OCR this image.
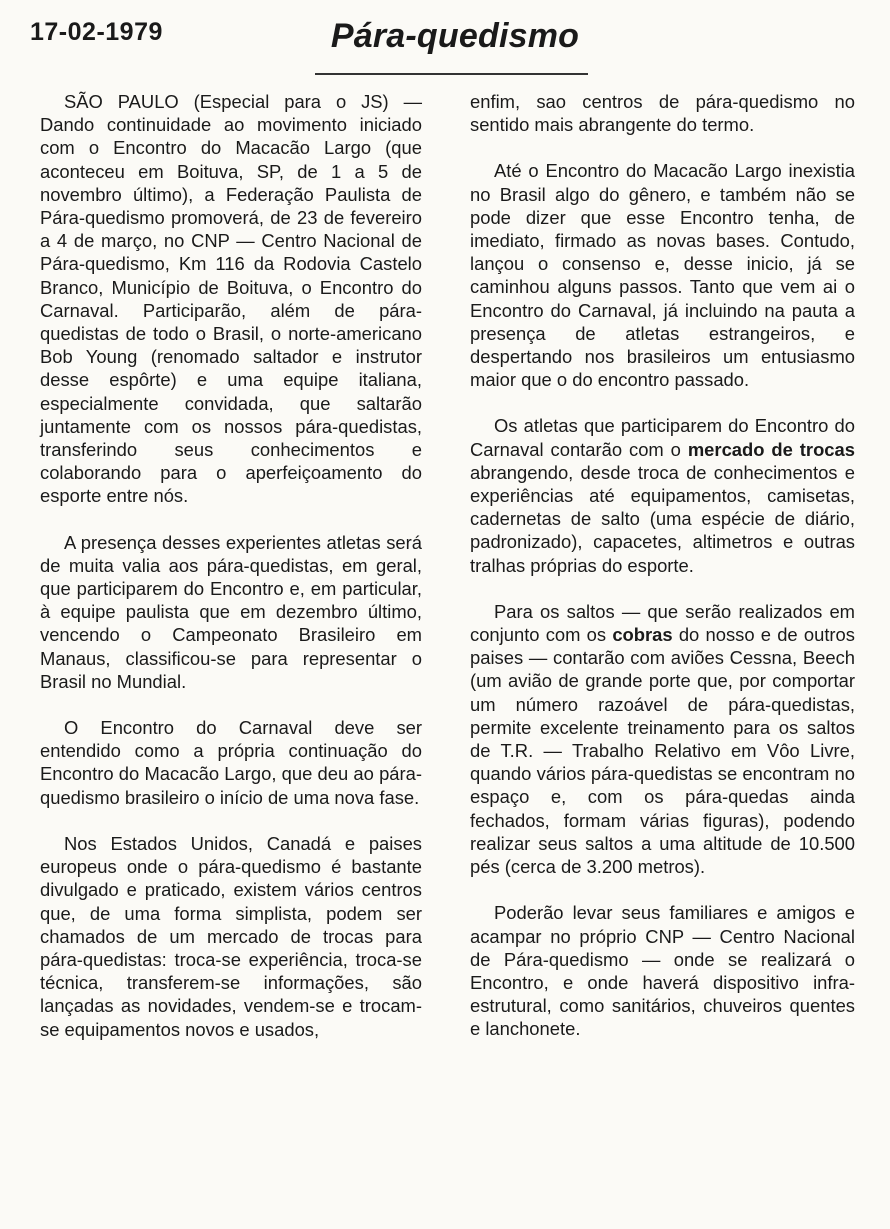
17-02-1979	Pára-quedismo

SÃO PAULO (Especial para o JS) — Dando continuidade ao movimento iniciado com o Encontro do Macacão Largo (que aconteceu em Boituva, SP, de 1 a 5 de novembro último), a Federação Paulista de Pára-quedismo promoverá, de 23 de fevereiro a 4 de março, no CNP — Centro Nacional de Pára-quedismo, Km 116 da Rodovia Castelo Branco, Município de Boituva, o Encontro do Carnaval. Participarão, além de pára-quedistas de todo o Brasil, o norte-americano Bob Young (renomado saltador e instrutor desse espôrte) e uma equipe italiana, especialmente convidada, que saltarão juntamente com os nossos pára-quedistas, transferindo seus conhecimentos e colaborando para o aperfeiçoamento do esporte entre nós.

A presença desses experientes atletas será de muita valia aos pára-quedistas, em geral, que participarem do Encontro e, em particular, à equipe paulista que em dezembro último, vencendo o Campeonato Brasileiro em Manaus, classificou-se para representar o Brasil no Mundial.

O Encontro do Carnaval deve ser entendido como a própria continuação do Encontro do Macacão Largo, que deu ao pára-quedismo brasileiro o início de uma nova fase.

Nos Estados Unidos, Canadá e paises europeus onde o pára-quedismo é bastante divulgado e praticado, existem vários centros que, de uma forma simplista, podem ser chamados de um mercado de trocas para pára-quedistas: troca-se experiência, troca-se técnica, transferem-se informações, são lançadas as novidades, vendem-se e trocam-se equipamentos novos e usados,

enfim, sao centros de pára-quedismo no sentido mais abrangente do termo.

Até o Encontro do Macacão Largo inexistia no Brasil algo do gênero, e também não se pode dizer que esse Encontro tenha, de imediato, firmado as novas bases. Contudo, lançou o consenso e, desse inicio, já se caminhou alguns passos. Tanto que vem ai o Encontro do Carnaval, já incluindo na pauta a presença de atletas estrangeiros, e despertando nos brasileiros um entusiasmo maior que o do encontro passado.

Os atletas que participarem do Encontro do Carnaval contarão com o mercado de trocas abrangendo, desde troca de conhecimentos e experiências até equipamentos, camisetas, cadernetas de salto (uma espécie de diário, padronizado), capacetes, altimetros e outras tralhas próprias do esporte.

Para os saltos — que serão realizados em conjunto com os cobras do nosso e de outros paises — contarão com aviões Cessna, Beech (um avião de grande porte que, por comportar um número razoável de pára-quedistas, permite excelente treinamento para os saltos de T.R. — Trabalho Relativo em Vôo Livre, quando vários pára-quedistas se encontram no espaço e, com os pára-quedas ainda fechados, formam várias figuras), podendo realizar seus saltos a uma altitude de 10.500 pés (cerca de 3.200 metros).

Poderão levar seus familiares e amigos e acampar no próprio CNP — Centro Nacional de Pára-quedismo — onde se realizará o Encontro, e onde haverá dispositivo infra-estrutural, como sanitários, chuveiros quentes e lanchonete.
